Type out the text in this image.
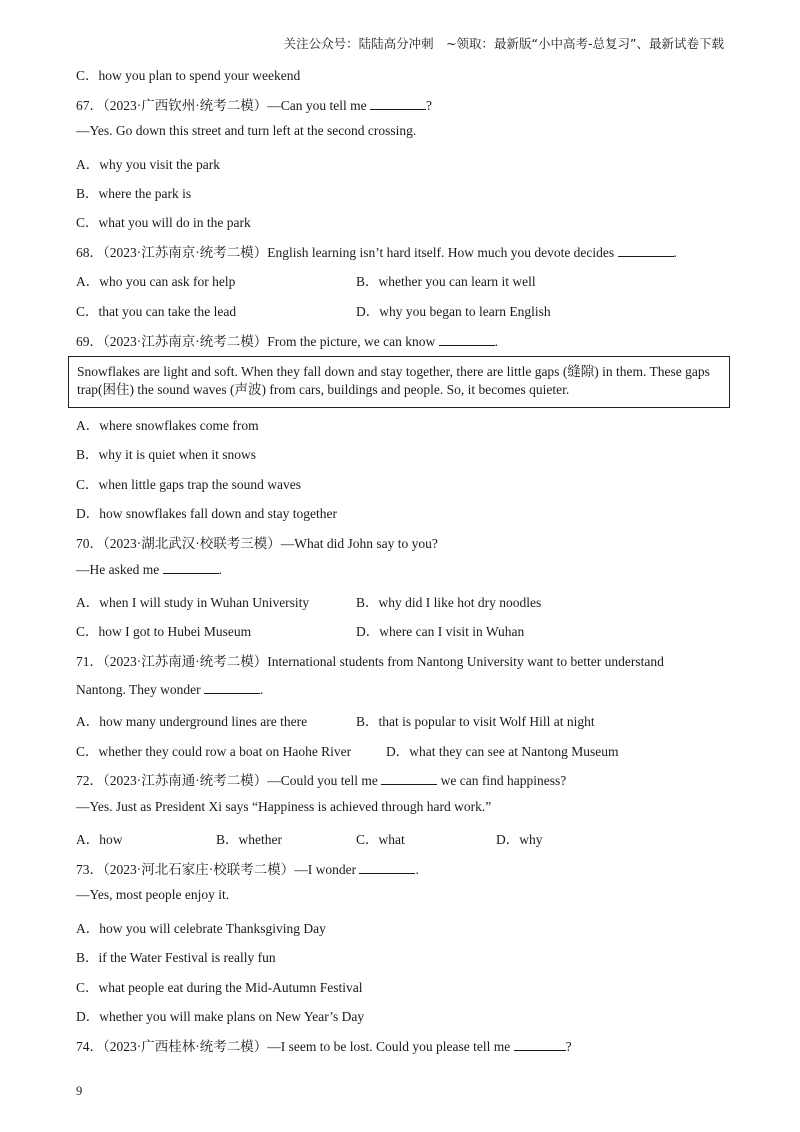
关注公众号：陆陆高分冲刺　~领取：最新版“小中高考-总复习”、最新试卷下载
C．how you plan to spend your weekend
67．（2023·广西钦州·统考二模）—Can you tell me	?
—Yes. Go down this street and turn left at the second crossing.
A．why you visit the park
B．where the park is
C．what you will do in the park
68．（2023·江苏南京·统考二模）English learning isn’t hard itself. How much you devote decides	.
A．who you can ask for help	B．whether you can learn it well
C．that you can take the lead	D．why you began to learn English
69．（2023·江苏南京·统考二模）From the picture, we can know	.
Snowflakes are light and soft. When they fall down and stay together, there are little gaps (缝隙) in them. These gaps trap(困住) the sound waves (声波) from cars, buildings and people. So, it becomes quieter.
A．where snowflakes come from
B．why it is quiet when it snows
C．when little gaps trap the sound waves
D．how snowflakes fall down and stay together
70．（2023·湖北武汉·校联考三模）—What did John say to you?
—He asked me	.
A．when I will study in Wuhan University	B．why did I like hot dry noodles
C．how I got to Hubei Museum	D．where can I visit in Wuhan
71．（2023·江苏南通·统考二模）International students from Nantong University want to better understand
Nantong. They wonder	.
A．how many underground lines are there	B．that is popular to visit Wolf Hill at night
C．whether they could row a boat on Haohe River	D．what they can see at Nantong Museum
72．（2023·江苏南通·统考二模）—Could you tell me	we can find happiness?
—Yes. Just as President Xi says “Happiness is achieved through hard work.”
A．how	B．whether	C．what	D．why
73．（2023·河北石家庄·校联考二模）—I wonder	.
—Yes, most people enjoy it.
A．how you will celebrate Thanksgiving Day
B．if the Water Festival is really fun
C．what people eat during the Mid-Autumn Festival
D．whether you will make plans on New Year’s Day
74．（2023·广西桂林·统考二模）—I seem to be lost. Could you please tell me	?
9
